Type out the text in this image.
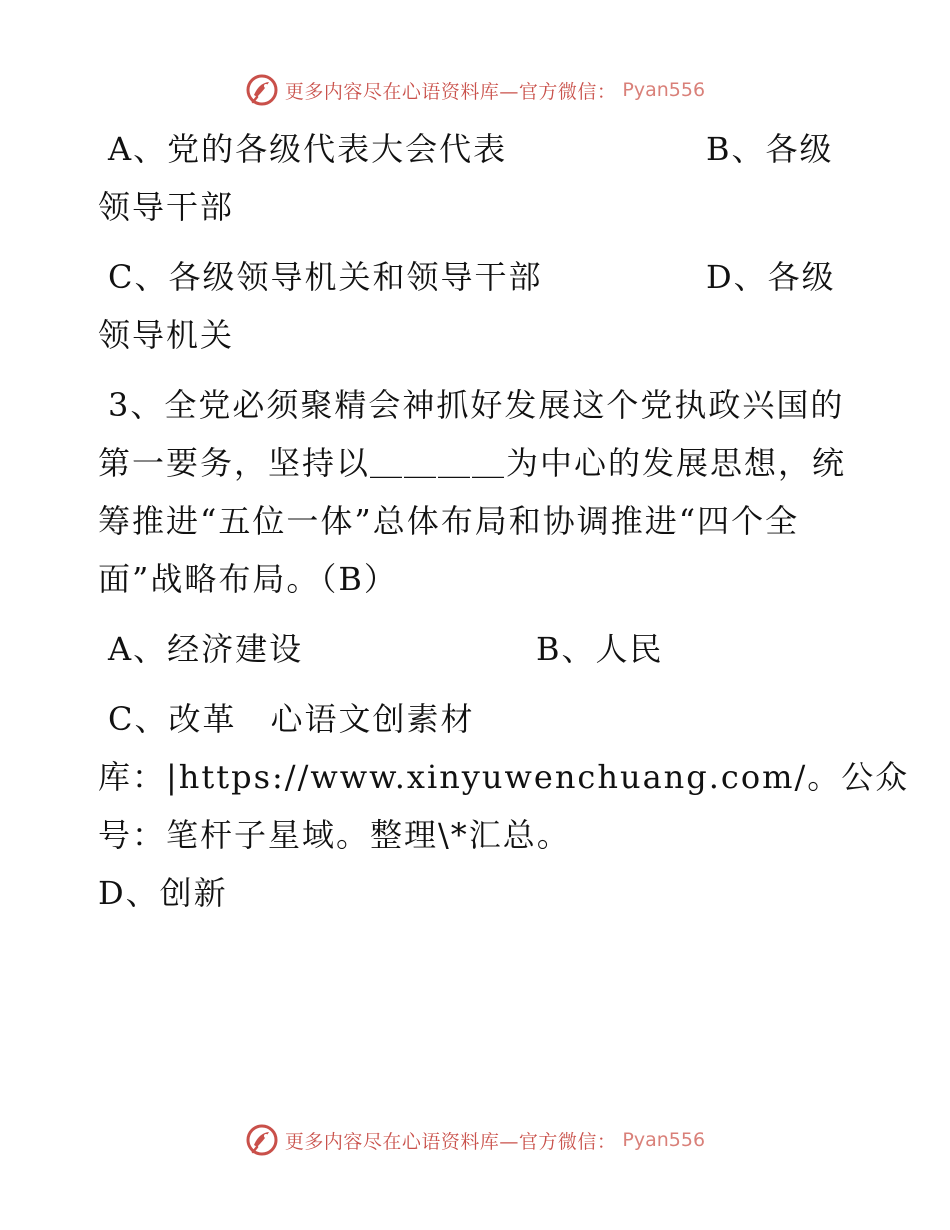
更多内容尽在心语资料库—官方微信： Pyan556
A、党的各级代表大会代表	B、各级
领导干部
C、各级领导机关和领导干部	D、各级
领导机关
3、全党必须聚精会神抓好发展这个党执政兴国的
第一要务，坚持以＿＿＿＿为中心的发展思想，统
筹推进“五位一体”总体布局和协调推进“四个全
面”战略布局。（B）
A、经济建设	B、人民
C、改革　心语文创素材
库：|https://www.xinyuwenchuang.com/。公众
号：笔杆子星域。整理\*汇总。
D、创新
更多内容尽在心语资料库—官方微信： Pyan556
